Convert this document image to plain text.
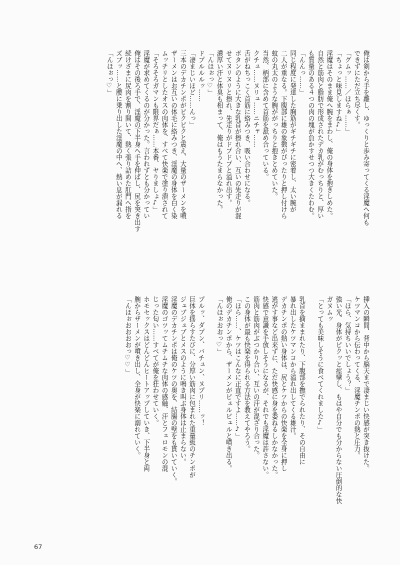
俺は剣から手を離し、ゆっくりと歩み寄ってくる淫魔へ何も
できずにただ立ち尽くす。
「グムッ……／ほらぁ……」
「ちょっと味見しますね♪」
淫魔はそのまま俺へ腕をまわし、俺の身体を抱きしめた。
自然と筋肉と脂肪で形成されたデカ乳がむっちりと、厚い
も質量のある４つの肉の塊が負かすせつつ大きくたわむ。
「んんっ……」
同じ程度に発達した胸筋がギチギチに密着し、太い腕が
二人が重なる。下腹部に雄の象徴がぴったりと押し付けら
蚊の丸太のような腕ががっちりと抱きとめていた。
当然、柄部に含めて首筋を舐め合っている。
クチュ……ヌリュ……ニチャ……
舌がねちっこく首筋に絡みつき、吸い合わせになる。
ボタンのように大きな乳首が擦れ合い、互いの先走りが混
せてヌリヌリと擦れ、先走りがドプドプと溢れ出す。
濃厚い汗と体臭も相まって、俺はもうたまらなかった。
「んほぉっ♡」
ドプルルルッ……
「凄まじいほど……んっ」
三本のデカチンポがビクビクと震え、大量のザーメンを噴
ザーメンはお互いの体毛に絡みつき、淫魔の身体を白く染
ムッチリとしたオスの肉体を、すべて快楽で塗り潰されて
「そろそろガマンも限界だぁ……本番、ヤりましょ♪」
淫魔が求めてくるのが分かった。言われずとも分かってい
俺はその後ろ手で、淫魔の下半身へ手を伸ばし、尻を突き出す
続けざまに尻肉を割り開いて、熱く張り詰めた肛門へ指を
ズブッ……と腰に乗り出した淫魔の中へ、熱い息が漏れる
「んほぉっ♡」
挿入の瞬間、背中から脳天まで凄まじい快感が突き抜けた。
ケツマンコから伝わってくる、淫魔チンポの熱と圧力。
「ほら、気持ちいいでしょう？」
強い光、身体がピクッと痙攣し、もはや自分でも分からない圧倒的な快
ガヌムッ
「とっても美味しそうに食べてくれました♪」

乳首を摘ままれたり、下腹部を撫でられたり、その自由に
暴れ出したケツマンコから溢れ出してくる雄汁。
デカチンポの熱い身体は、尻とケツからの快楽を全身に押し
逃がす事など出来ずに、ただ快感に身を委ねるしかなかった。
快感で意識を手放しそうになるが、それでも淫魔は許さない。
筋肉と筋肉がぶつかり合い、互いの汗が混ざり合った。
この身体が最も快楽を得られる方法を教えてやろう。
「ほら……、ケツはこんなに正直ですよ……♪」
俺のデカチンポから、ザーメンがビュルビュルと噴き出る。
「んほぉおおっ♡」

プルッ、ダプン、バチュン、ヌプリ……ッ！
巨体を揺らすたびに、分厚い筋肉に包まれた重量級のチンポが
ジュブジュブとメスのように鳴き叫ぶ身体は止まらない。
淫魔のデカチンポは俺のケツの奥を、結腸の壁をも貫いていく。
淫魔のゴツッてムチムチな肉体の感触、汗とフェロモンの混
じった匂い……すべてが俺を狂わせていく。
ホモセックスはどんどんヒートアップしていき、下半身と両
腕からザーメンが噴き出し、全身が快楽に溺れていく。
「んほぉおおおおっ♡♡」
67
